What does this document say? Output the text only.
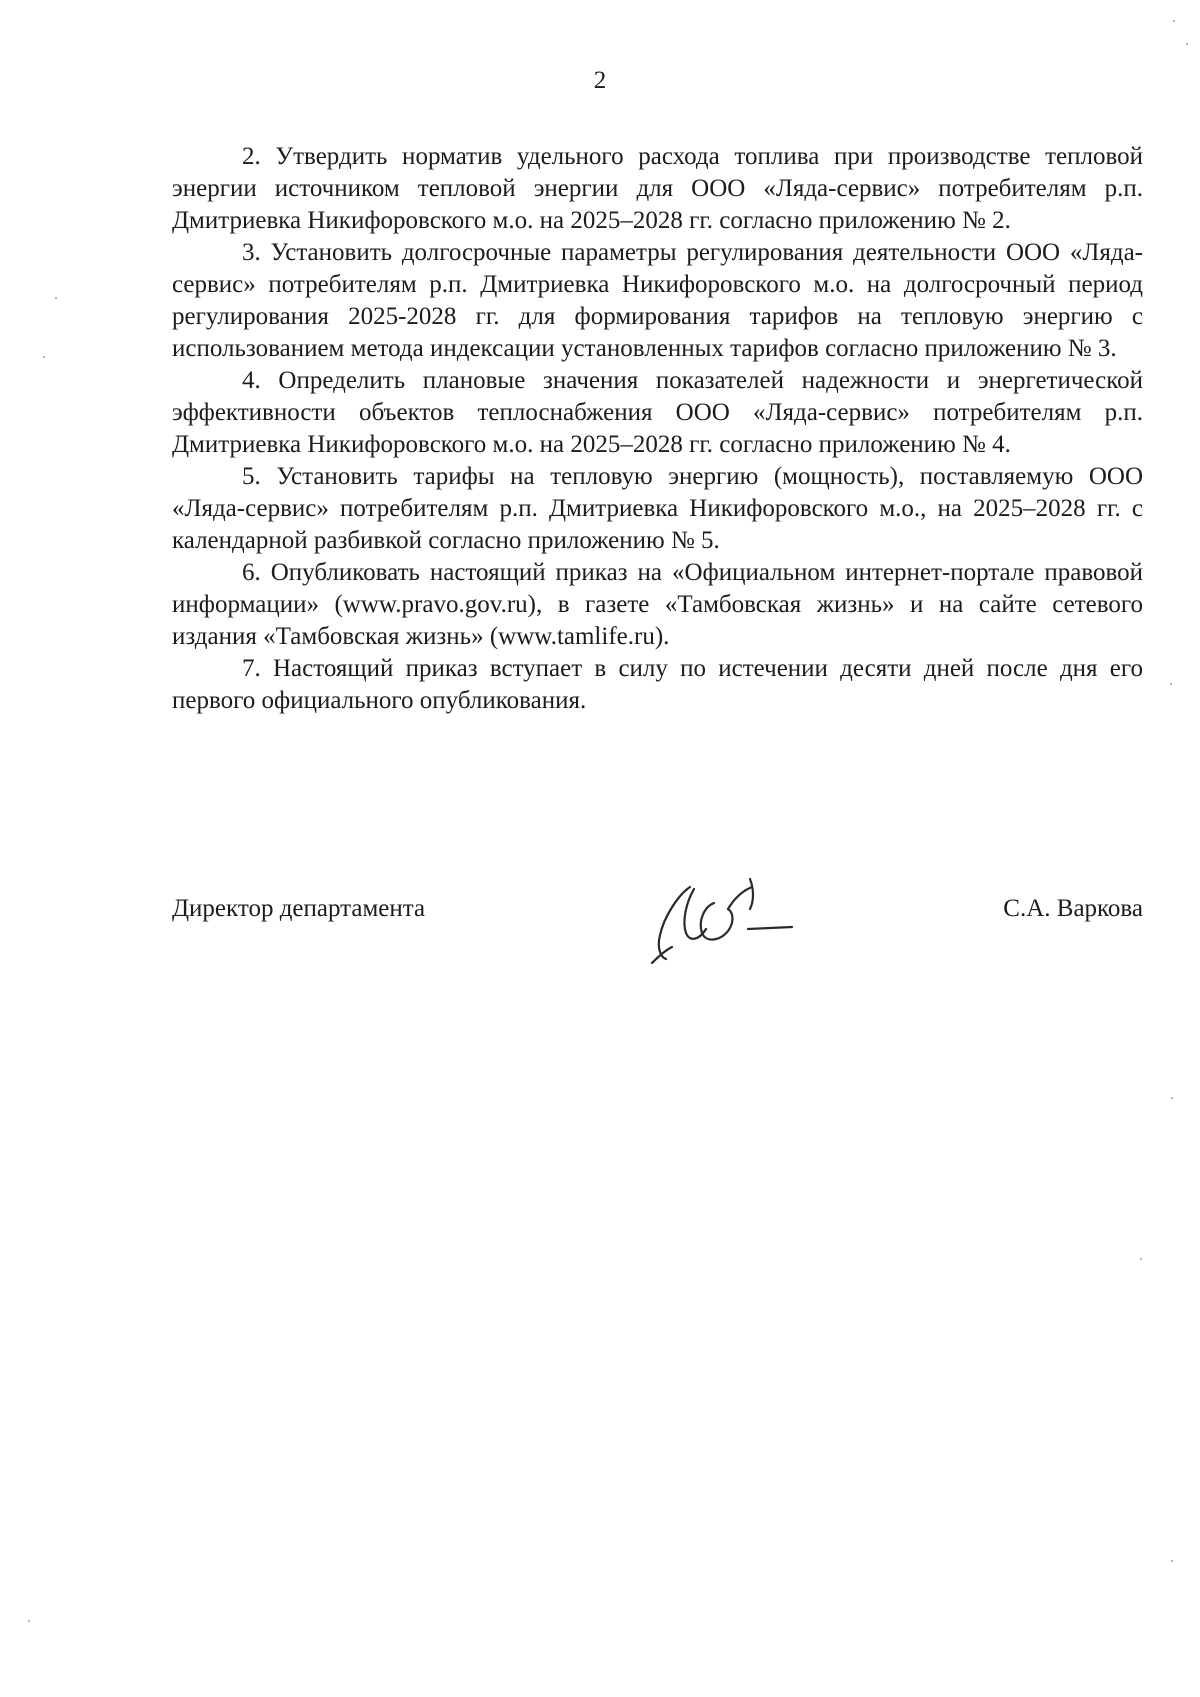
2

2. Утвердить норматив удельного расхода топлива при производстве тепловой энергии источником тепловой энергии для ООО «Ляда-сервис» потребителям р.п. Дмитриевка Никифоровского м.о. на 2025–2028 гг. согласно приложению № 2.

3. Установить долгосрочные параметры регулирования деятельности ООО «Ляда-сервис» потребителям р.п. Дмитриевка Никифоровского м.о. на долгосрочный период регулирования 2025-2028 гг. для формирования тарифов на тепловую энергию с использованием метода индексации установленных тарифов согласно приложению № 3.

4. Определить плановые значения показателей надежности и энергетической эффективности объектов теплоснабжения ООО «Ляда-сервис» потребителям р.п. Дмитриевка Никифоровского м.о. на 2025–2028 гг. согласно приложению № 4.

5. Установить тарифы на тепловую энергию (мощность), поставляемую ООО «Ляда-сервис» потребителям р.п. Дмитриевка Никифоровского м.о., на 2025–2028 гг. с календарной разбивкой согласно приложению № 5.

6. Опубликовать настоящий приказ на «Официальном интернет-портале правовой информации» (www.pravo.gov.ru), в газете «Тамбовская жизнь» и на сайте сетевого издания «Тамбовская жизнь» (www.tamlife.ru).

7. Настоящий приказ вступает в силу по истечении десяти дней после дня его первого официального опубликования.

Директор департамента	С.А. Варкова
